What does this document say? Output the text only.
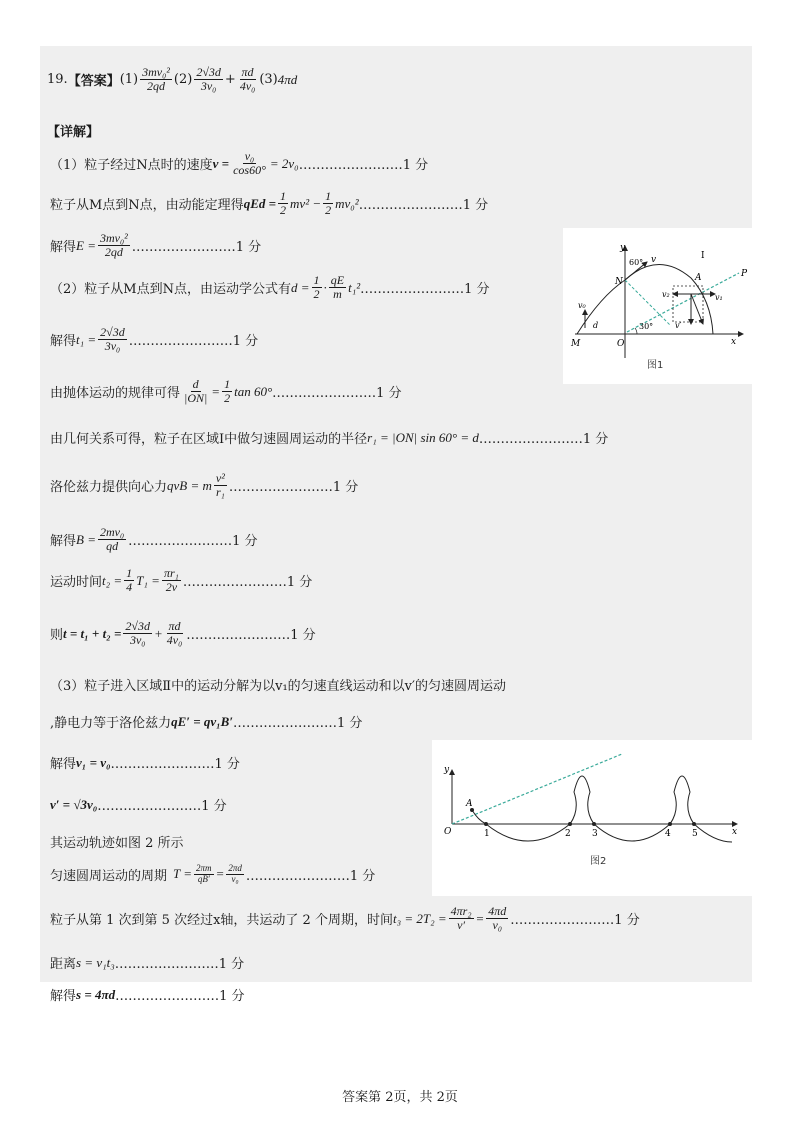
19. 【答案】 $(1) \frac{\text{3mv₀²}}{2qd} (2) \frac{2√3d}{\text{3v₀}} + \frac{\pi d}{\text{4v₀}} (3)$ 4πd
【详解】
（1）粒子经过N点时的速度 $v = \frac{\text{v₀}}{\cos 60^\circ} = 2v_0$ ……………………1 分
粒子从M点到N点，由动能定理得 qEd = $\frac{1}{2} mv^2 - \frac{1}{2} mv_0^2$ ……………………1 分
解得 $E = \frac{\text{3mv₀²}}{2qd}$ ……………………1 分
（2）粒子从M点到N点，由运动学公式有 $d = \frac{1}{2} \cdot \frac{qE}{m} t_1^2$ ……………………1 分
解得 $t_1 = \frac{2√3d}{\text{3v₀}}$ ……………………1 分
由抛体运动的规律可得 $\frac{d}{|ON|} = \frac{1}{2}$ tan 60° ……………………1 分
由几何关系可得，粒子在区域Ⅰ中做匀速圆周运动的半径 r₁ = |ON| sin 60° = d ……………………1 分
洛伦兹力提供向心力 qvB = m $\frac{\text{v²}}{\text{r₁}}$ ……………………1 分
解得 $B = \frac{\text{2mv₀}}{qd}$ ……………………1 分
运动时间 $t_2 = \frac{1}{4} T_1 = \frac{\text{πr₁}}{2v}$ ……………………1 分
则 $t = t_1 + t_2 = \frac{2√3d}{\text{3v₀}} + \frac{\pi d}{\text{4v₀}}$ ……………………1 分
（3）粒子进入区域Ⅱ中的运动分解为以v₁的匀速直线运动和以v′的匀速圆周运动
,静电力等于洛伦兹力 qE′ = qv₁B′ ……………………1 分
解得 v₁ = v₀ ……………………1 分
v′ = √3v₀ ……………………1 分
其运动轨迹如图 2 所示
匀速圆周运动的周期 $T = \frac{2\pi m}{qB'} = \frac{2\pi d}{\text{v₀}}$ ……………………1 分
粒子从第 1 次到第 5 次经过x轴，共运动了 2 个周期，时间 $t_3 = 2T_2 = \frac{\text{4πr₂}}{v'} = \frac{4\pi d}{\text{v₀}}$ ……………………1 分
距离 s = v₁t₃ ……………………1 分
解得 s = 4πd ……………………1 分
y
x
O
P
N
M
A
Ⅰ
v
60°
v₀
d
v₁
v₂
v′
30°
图1
y
x
O
A
1	2 3	4 5
图2
答案第 2页，共 2页
